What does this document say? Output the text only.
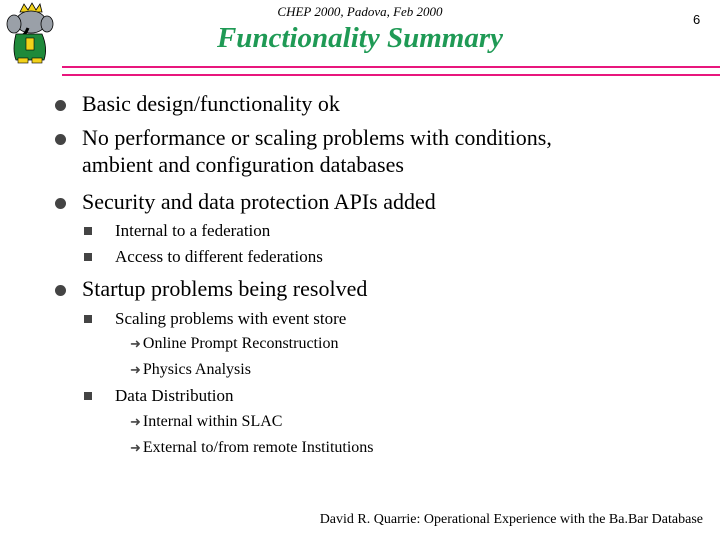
CHEP 2000, Padova, Feb 2000
Functionality Summary
6
Basic design/functionality ok
No performance or scaling problems with conditions,
ambient and configuration databases
Security and data protection APIs added
Internal to a federation
Access to different federations
Startup problems being resolved
Scaling problems with event store
➜ Online Prompt Reconstruction
➜ Physics Analysis
Data Distribution
➜ Internal within SLAC
➜ External to/from remote Institutions
David R. Quarrie: Operational Experience with the Ba.Bar Database
